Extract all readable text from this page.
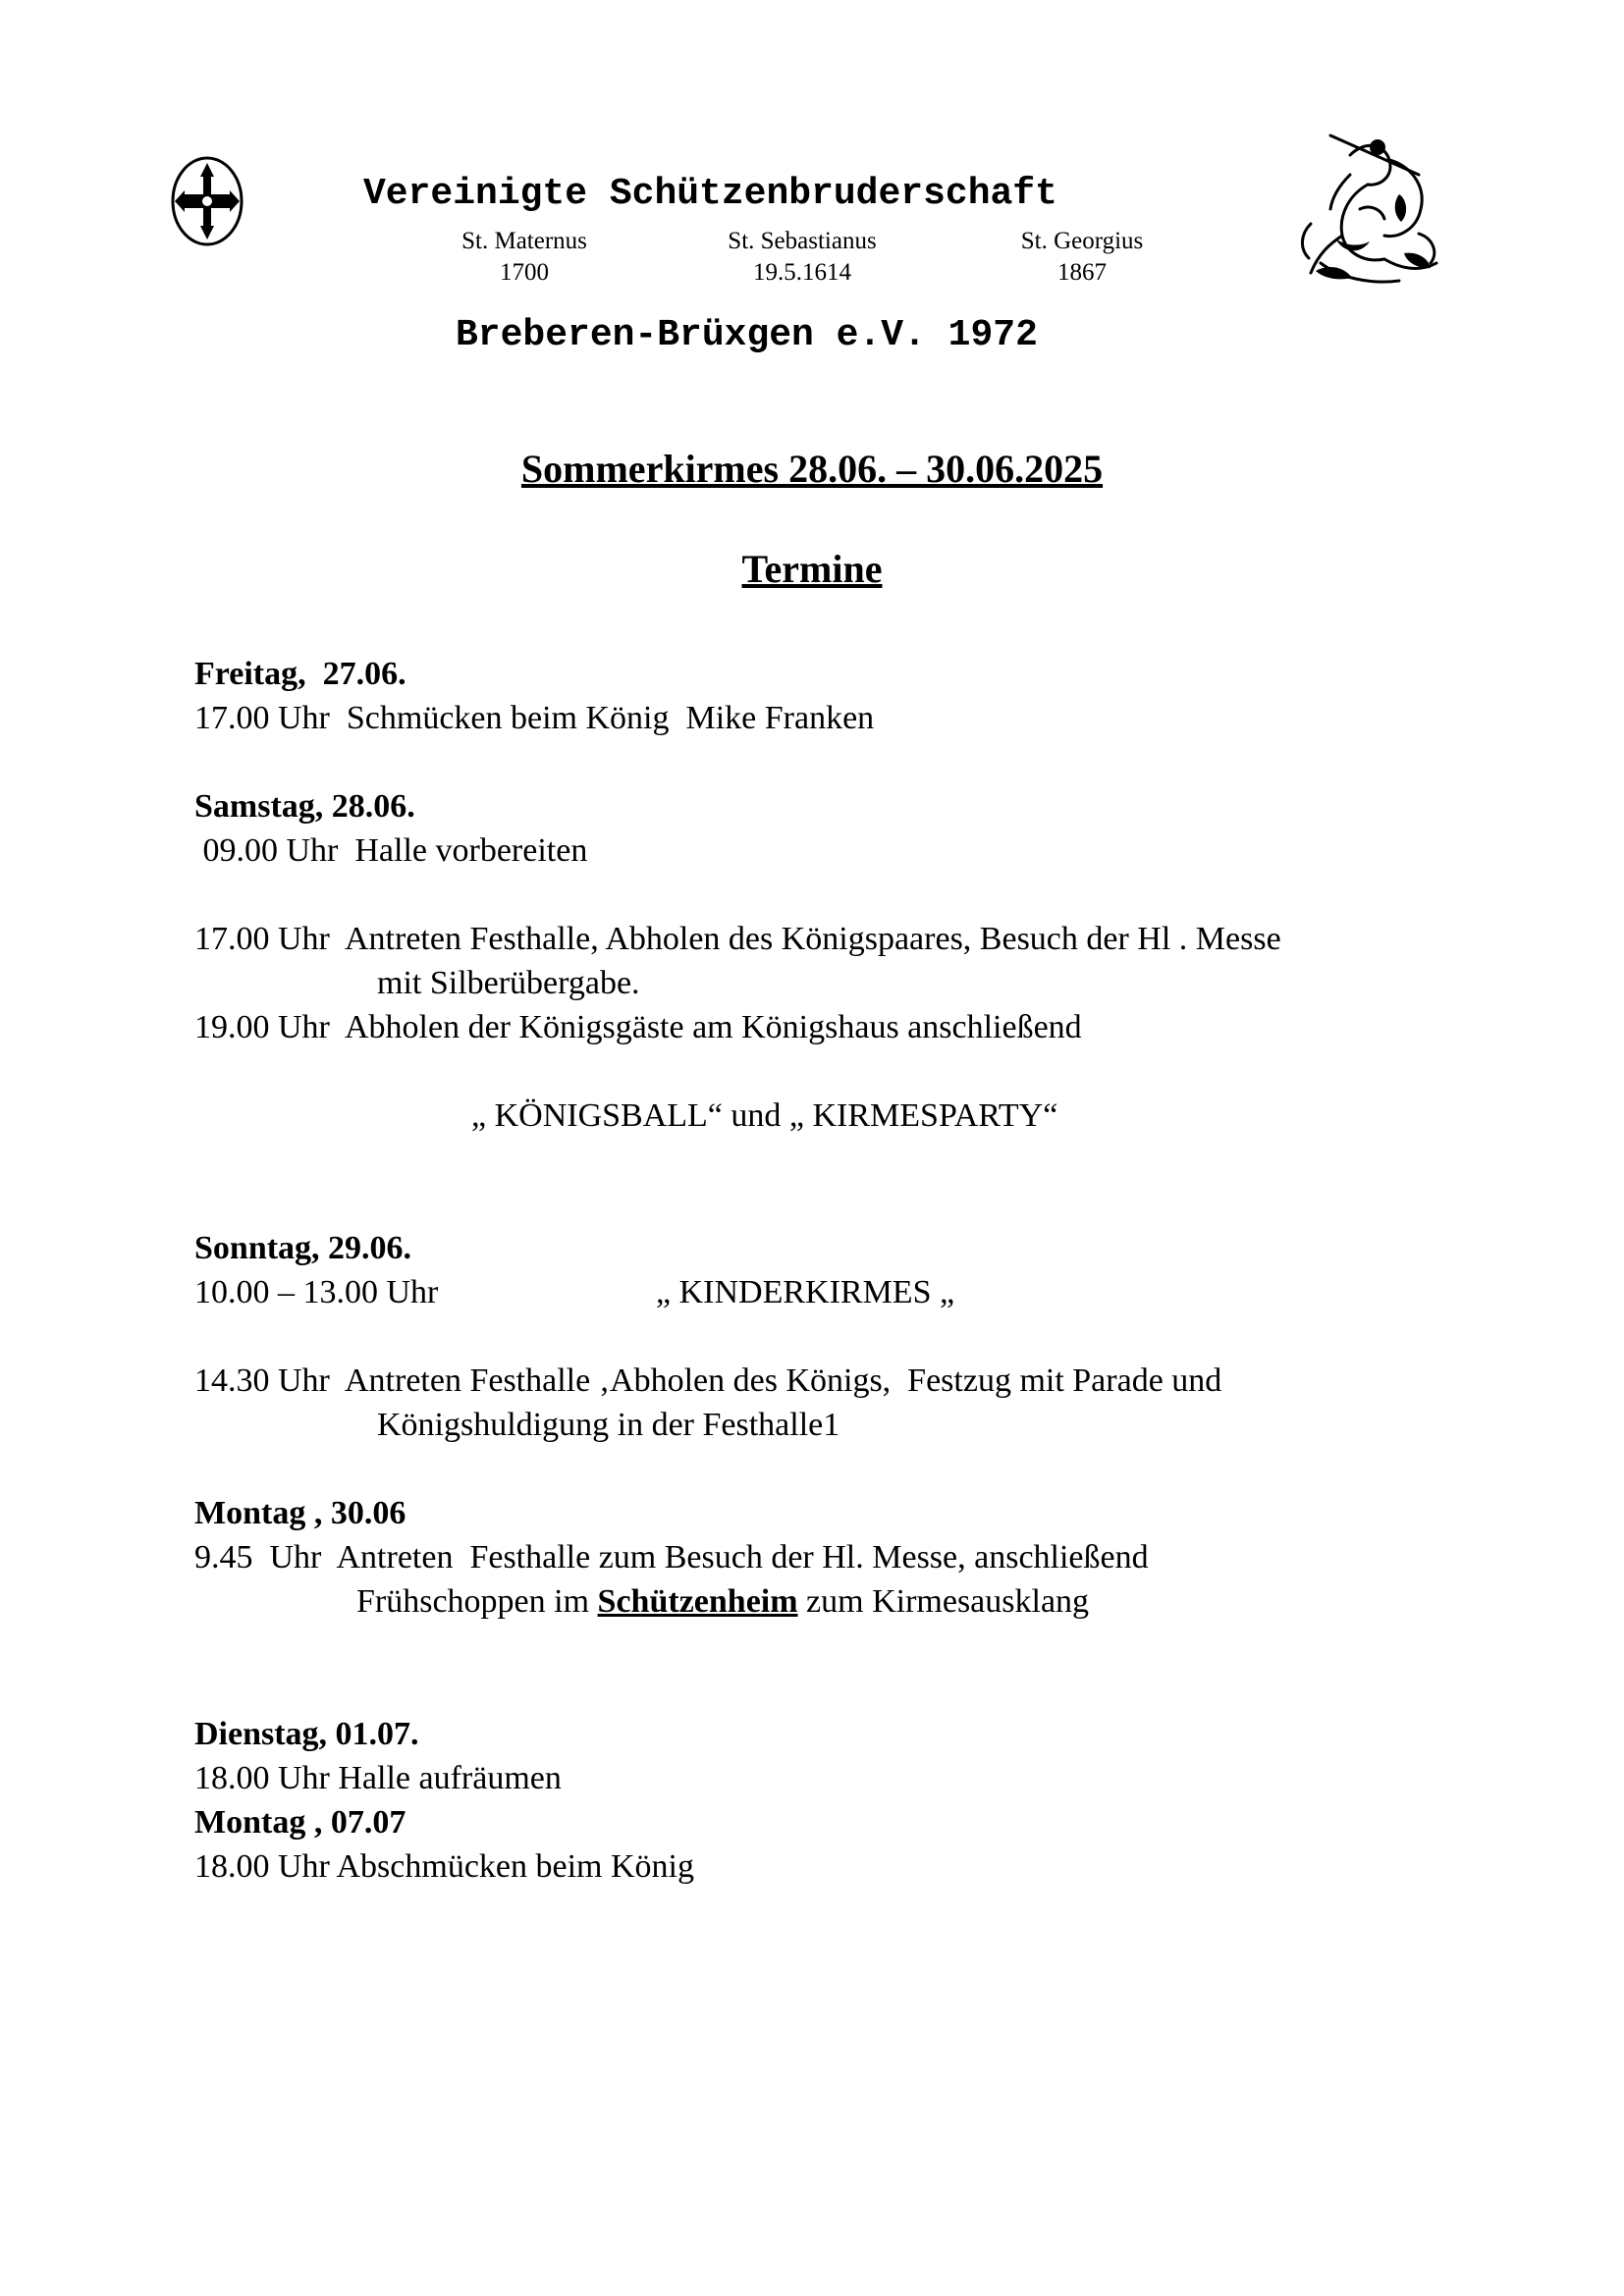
Vereinigte Schützenbruderschaft

Breberen-Brüxgen e.V. 1972

St. Maternus
1700
St. Sebastianus
19.5.1614
St. Georgius
1867
Sommerkirmes 28.06. – 30.06.2025
Termine
Freitag,  27.06.
17.00 Uhr  Schmücken beim König  Mike Franken
Samstag, 28.06.
09.00 Uhr  Halle vorbereiten
17.00 Uhr  Antreten Festhalle, Abholen des Königspaares, Besuch der Hl . Messe
mit Silberübergabe.
19.00 Uhr  Abholen der Königsgäste am Königshaus anschließend
„ KÖNIGSBALL“ und „ KIRMESPARTY“
Sonntag, 29.06.
10.00 – 13.00 Uhr	„ KINDERKIRMES „
14.30 Uhr  Antreten Festhalle ‚Abholen des Königs,  Festzug mit Parade und
Königshuldigung in der Festhalle1
Montag , 30.06
9.45  Uhr  Antreten  Festhalle zum Besuch der Hl. Messe, anschließend
Frühschoppen im Schützenheim zum Kirmesausklang
Dienstag, 01.07.
18.00 Uhr Halle aufräumen
Montag , 07.07
18.00 Uhr Abschmücken beim König
